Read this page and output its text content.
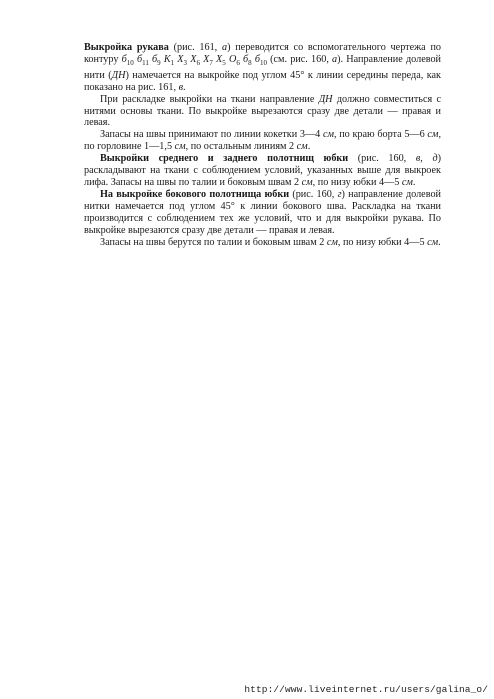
Выкройка рукава (рис. 161, а) переводится со вспомогательного чертежа по контуру $б_{10}$ $б_{11}$ $б_9$ $К_1$ $Х_3$ $Х_6$ $Х_7$ $Х_5$ $О_6$ $б_8$ $б_{10}$ (см. рис. 160, а). Направление долевой нити (ДН) намечается на выкройке под углом 45° к линии середины переда, как показано на рис. 161, в.

При раскладке выкройки на ткани направление ДН должно совместиться с нитями основы ткани. По выкройке вырезаются сразу две детали — правая и левая.

Запасы на швы принимают по линии кокетки 3—4 см, по краю борта 5—6 см, по горловине 1—1,5 см, по остальным линиям 2 см.

Выкройки среднего и заднего полотнищ юбки (рис. 160, в, д) раскладывают на ткани с соблюдением условий, указанных выше для выкроек лифа. Запасы на швы по талии и боковым швам 2 см, по низу юбки 4—5 см.

На выкройке бокового полотнища юбки (рис. 160, г) направление долевой нитки намечается под углом 45° к линии бокового шва. Раскладка на ткани производится с соблюдением тех же условий, что и для выкройки рукава. По выкройке вырезаются сразу две детали — правая и левая.

Запасы на швы берутся по талии и боковым швам 2 см, по низу юбки 4—5 см.

http://www.liveinternet.ru/users/galina_o/
